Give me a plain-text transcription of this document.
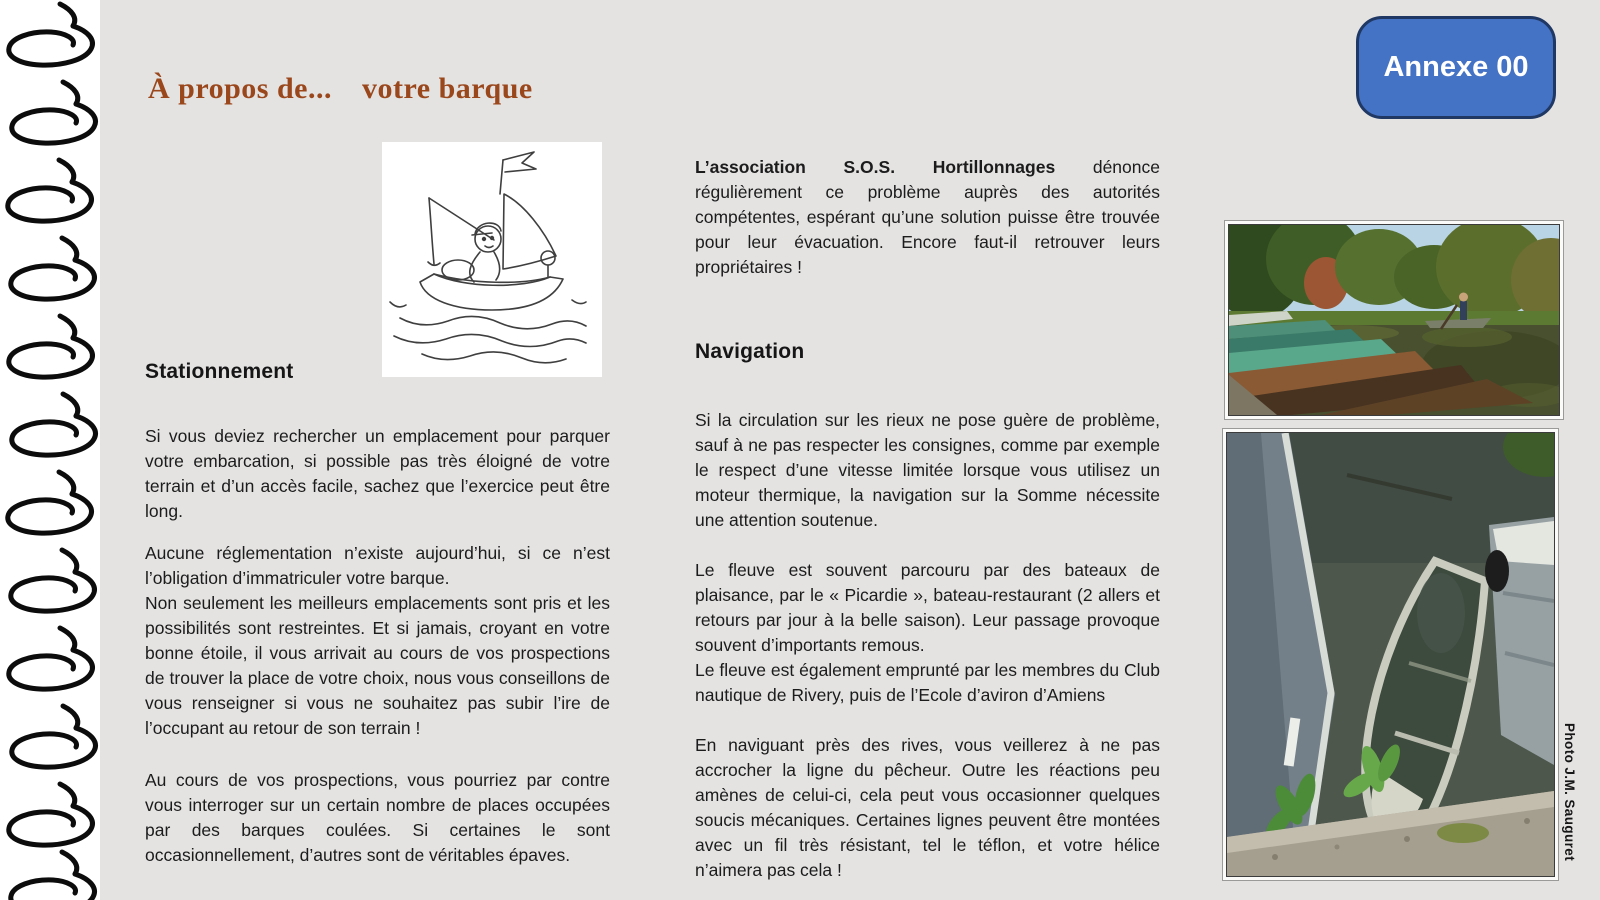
À propos de... votre barque
Annexe 00
Stationnement

Si vous deviez rechercher un emplacement pour parquer votre embarcation, si possible pas très éloigné de votre terrain et d’un accès facile, sachez que l’exercice peut être long.

Aucune réglementation n’existe aujourd’hui, si ce n’est l’obligation d’immatriculer votre barque.

Non seulement les meilleurs emplacements sont pris et les possibilités sont restreintes. Et si jamais, croyant en votre bonne étoile, il vous arrivait au cours de vos prospections de trouver la place de votre choix, nous vous conseillons de vous renseigner si vous ne souhaitez pas subir l’ire de l’occupant au retour de son terrain !

Au cours de vos prospections, vous pourriez par contre vous interroger sur un certain nombre de places occupées par des barques coulées. Si certaines le sont occasionnellement, d’autres sont de véritables épaves.

L’association S.O.S. Hortillonnages dénonce régulièrement ce problème auprès des autorités compétentes, espérant qu’une solution puisse être trouvée pour leur évacuation. Encore faut-il retrouver leurs propriétaires !

Navigation

Si la circulation sur les rieux ne pose guère de problème, sauf à ne pas respecter les consignes, comme par exemple le respect d’une vitesse limitée lorsque vous utilisez un moteur thermique, la navigation sur la Somme nécessite une attention soutenue.

Le fleuve est souvent parcouru par des bateaux de plaisance, par le « Picardie », bateau-restaurant (2 allers et retours par jour à la belle saison). Leur passage provoque souvent d’importants remous.

Le fleuve est également emprunté par les membres du Club nautique de Rivery, puis de l’Ecole d’aviron d’Amiens

En naviguant près des rives, vous veillerez à ne pas accrocher la ligne du pêcheur. Outre les réactions peu amènes de celui-ci, cela peut vous occasionner quelques soucis mécaniques. Certaines lignes peuvent être montées avec un fil très résistant, tel le téflon, et votre hélice n’aimera pas cela !

Photo J.M. Sauguret
